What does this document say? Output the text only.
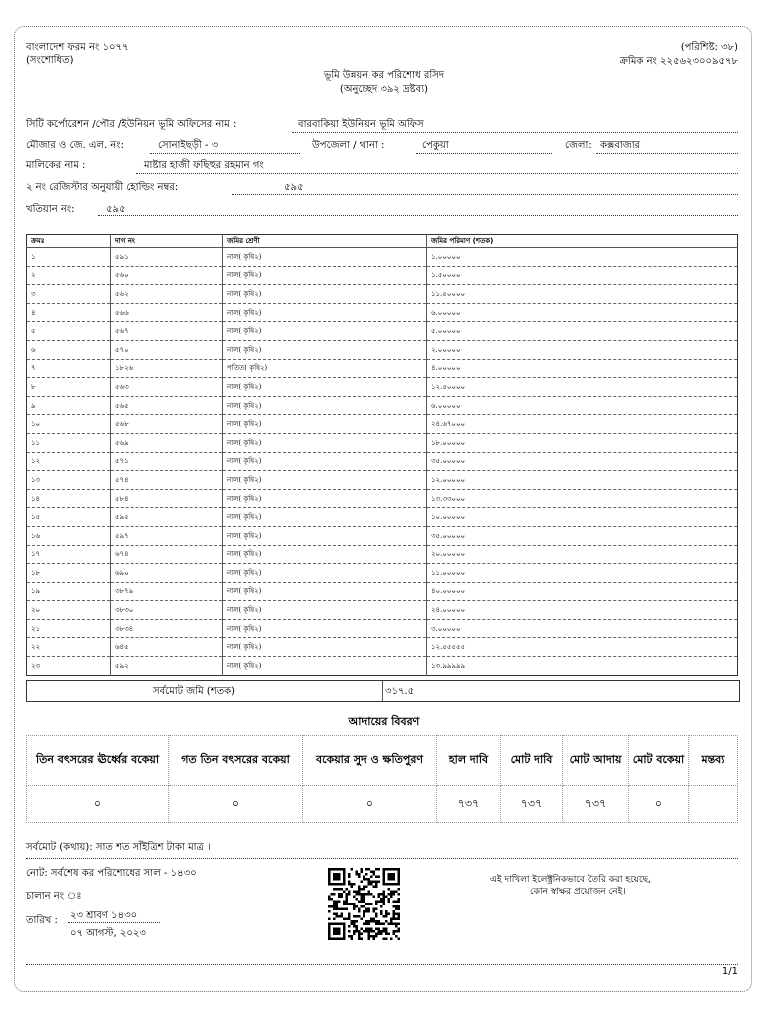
বাংলাদেশ ফরম নং ১০৭৭
(সংশোধিত)
(পরিশিষ্ট: ৩৮)
ক্রমিক নং ২২৫৬২৩০০৯৫৭৮
ভূমি উন্নয়ন কর পরিশোধ রসিদ
(অনুচ্ছেদ ৩৯২ দ্রষ্টব্য)
সিটি কর্পোরেশন /পৌর /ইউনিয়ন ভূমি অফিসের নাম :	বারবাকিয়া ইউনিয়ন ভূমি অফিস
মৌজার ও জে. এল. নং:	সোনাইছড়ী - ৩	উপজেলা / থানা :	পেকুয়া	জেলা: কক্সবাজার
মালিকের নাম :	মাষ্টার হাজী ফছিহুর রহমান গং
২ নং রেজিস্টার অনুযায়ী হোল্ডিং নম্বর:	৫৯৫
খতিয়ান নং:	৫৯৫
ক্রমঃ	দাগ নং	জমির শ্রেণী	জমির পরিমাণ (শতক)
১	৫৯১	নাল( কৃষি২)	১.০০০০০
২	৫৬০	নাল( কৃষি২)	১.৫০০০০
৩	৫৬২	নাল( কৃষি২)	১১.৫০০০০
৪	৫৬৬	নাল( কৃষি২)	৬.০০০০০
৫	৫৬৭	নাল( কৃষি২)	৫.০০০০০
৬	৫৭০	নাল( কৃষি২)	২.০০০০০
৭	১৮২৬	পতিত( কৃষি২)	৪.০০০০০
৮	৫৬৩	নাল( কৃষি২)	১২.৫০০০০
৯	৫৬৫	নাল( কৃষি২)	৬.০০০০০
১০	৫৬৮	নাল( কৃষি২)	২৪.৬৭০০০
১১	৫৬৯	নাল( কৃষি২)	১৮.০০০০০
১২	৫৭১	নাল( কৃষি২)	৩৫.০০০০০
১৩	৫৭৪	নাল( কৃষি২)	১২.০০০০০
১৪	৫৮৪	নাল( কৃষি২)	১৩.৩৩০০০
১৫	৫৯৫	নাল( কৃষি২)	১০.০০০০০
১৬	৫৯৭	নাল( কৃষি২)	৩৫.০০০০০
১৭	৬৭৪	নাল( কৃষি২)	২০.০০০০০
১৮	৬৯০	নাল( কৃষি২)	১১.০০০০০
১৯	৩৮৭৯	নাল( কৃষি২)	৪০.০০০০০
২০	৩৮৩০	নাল( কৃষি২)	২৪.০০০০০
২১	৩৮৩৪	নাল( কৃষি২)	৩.০০০০০
২২	৬৪৫	নাল( কৃষি২)	১২.৫৫৫৫৫
২৩	৫৯২	নাল( কৃষি২)	১৩.৯৯৯৯৯
সর্বমোট জমি (শতক)	৩১৭.৫
আদায়ের বিবরণ
তিন বৎসরের ঊর্ধ্বের বকেয়া	গত তিন বৎসরের বকেয়া	বকেয়ার সুদ ও ক্ষতিপুরণ	হাল দাবি	মোট দাবি	মোট আদায়	মোট বকেয়া	মন্তব্য
০	০	০	৭৩৭	৭৩৭	৭৩৭	০	
সর্বমোট (কথায়): সাত শত সাঁইত্রিশ টাকা মাত্র ।
নোট: সর্বশেষ কর পরিশোধের সাল - ১৪৩০
চালান নং ঃ
তারিখ : ২৩ শ্রাবণ ১৪৩০
০৭ আগস্ট, ২০২৩
এই দাখিলা ইলেক্ট্রনিকভাবে তৈরি করা হয়েছে,
কোন স্বাক্ষর প্রয়োজন নেই।
1/1
